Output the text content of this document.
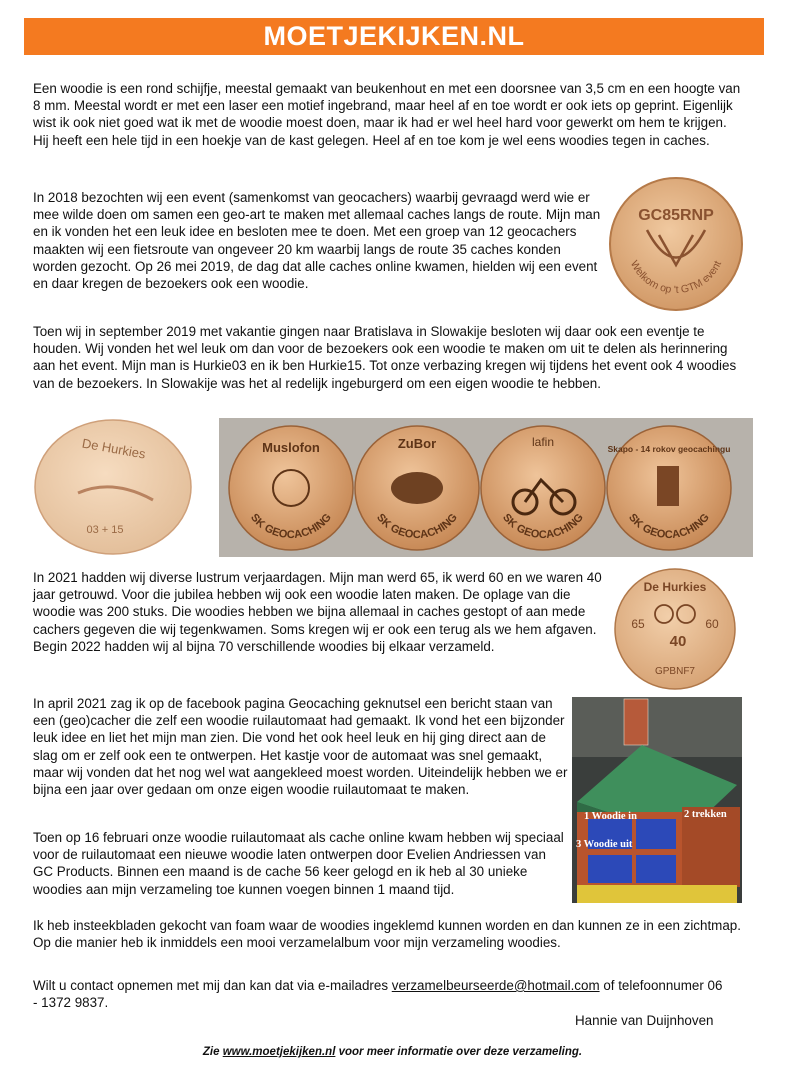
MOETJEKIJKEN.NL

Een woodie is een rond schijfje, meestal gemaakt van beukenhout en met een doorsnee van 3,5 cm en een hoogte van 8 mm. Meestal wordt er met een laser een motief ingebrand, maar heel af en toe wordt er ook iets op geprint. Eigenlijk wist ik ook niet goed wat ik met de woodie moest doen, maar ik had er wel heel hard voor gewerkt om hem te krijgen. Hij heeft een hele tijd in een hoekje van de kast gelegen. Heel af en toe kom je wel eens woodies tegen in caches.

In 2018 bezochten wij een event (samenkomst van geocachers) waarbij gevraagd werd wie er mee wilde doen om samen een geo-art te maken met allemaal caches langs de route. Mijn man en ik vonden het een leuk idee en besloten mee te doen. Met een groep van 12 geocachers maakten wij een fietsroute van ongeveer 20 km waarbij langs de route 35 caches konden worden gezocht. Op 26 mei 2019, de dag dat alle caches online kwamen, hielden wij een event en daar kregen de bezoekers ook een woodie.

GC85RNP
Welkom op 't GTM event

Toen wij in september 2019 met vakantie gingen naar Bratislava in Slowakije besloten wij daar ook een eventje te houden. Wij vonden het wel leuk om dan voor de bezoekers ook een woodie te maken om uit te delen als herinnering aan het event. Mijn man is Hurkie03 en ik ben Hurkie15. Tot onze verbazing kregen wij tijdens het event ook 4 woodies van de bezoekers. In Slowakije was het al redelijk ingeburgerd om een eigen woodie te hebben.

De Hurkies
03 + 15
Muslofon
SK GEOCACHING
ZuBor
SK GEOCACHING
lafin
SK GEOCACHING
Skapo - 14 rokov geocachingu
SK GEOCACHING

In 2021 hadden wij diverse lustrum verjaardagen. Mijn man werd 65, ik werd 60 en we waren 40 jaar getrouwd. Voor die jubilea hebben wij ook een woodie laten maken. De oplage van die woodie was 200 stuks. Die woodies hebben we bijna allemaal in caches gestopt of aan mede cachers gegeven die wij tegenkwamen. Soms kregen wij er ook een terug als we hem afgaven. Begin 2022 hadden wij al bijna 70 verschillende woodies bij elkaar verzameld.

De Hurkies
65	60
40
GPBNF7

In april 2021 zag ik op de facebook pagina Geocaching geknutsel een bericht staan van een (geo)cacher die zelf een woodie ruilautomaat had gemaakt. Ik vond het een bijzonder leuk idee en liet het mijn man zien. Die vond het ook heel leuk en hij ging direct aan de slag om er zelf ook een te ontwerpen. Het kastje voor de automaat was snel gemaakt, maar wij vonden dat het nog wel wat aangekleed moest worden. Uiteindelijk hebben we er bijna een jaar over gedaan om onze eigen woodie ruilautomaat te maken.

Toen op 16 februari onze woodie ruilautomaat als cache online kwam hebben wij speciaal voor de ruilautomaat een nieuwe woodie laten ontwerpen door Evelien Andriessen van GC Products. Binnen een maand is de cache 56 keer gelogd en ik heb al 30 unieke woodies aan mijn verzameling toe kunnen voegen binnen 1 maand tijd.

1 Woodie in	2 trekken
3 Woodie uit

Ik heb insteekbladen gekocht van foam waar de woodies ingeklemd kunnen worden en dan kunnen ze in een zichtmap. Op die manier heb ik inmiddels een mooi verzamelalbum voor mijn verzameling woodies.

Wilt u contact opnemen met mij dan kan dat via e-mailadres verzamelbeurseerde@hotmail.com of telefoonnumer 06 - 1372 9837.

Hannie van Duijnhoven
Zie www.moetjekijken.nl voor meer informatie over deze verzameling.
